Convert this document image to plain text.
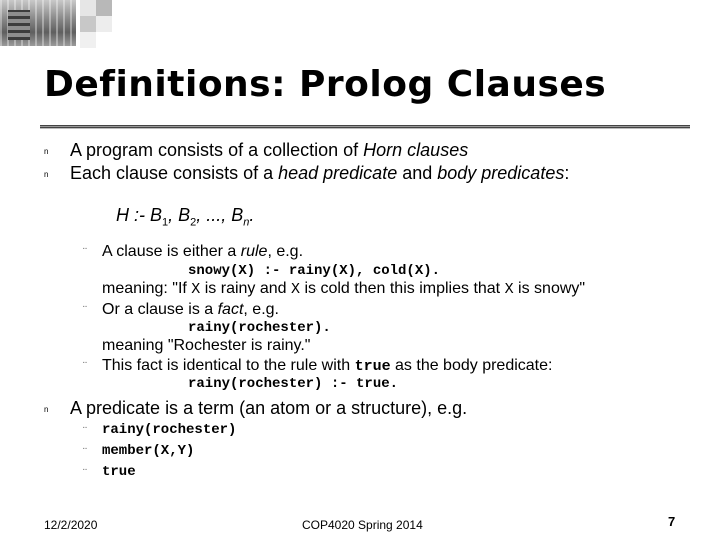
Definitions: Prolog Clauses
n A program consists of a collection of Horn clauses
n Each clause consists of a head predicate and body predicates:
H :- $B_1$, $B_2$, ..., $B_n$.
¨ A clause is either a rule, e.g.
snowy(X) :- rainy(X), cold(X).
meaning: "If X is rainy and X is cold then this implies that X is snowy"
¨ Or a clause is a fact, e.g.
rainy(rochester).
meaning "Rochester is rainy."
¨ This fact is identical to the rule with true as the body predicate:
rainy(rochester) :- true.
n A predicate is a term (an atom or a structure), e.g.
¨ rainy(rochester)
¨ member(X,Y)
¨ true
12/2/2020	COP4020 Spring 2014	7
